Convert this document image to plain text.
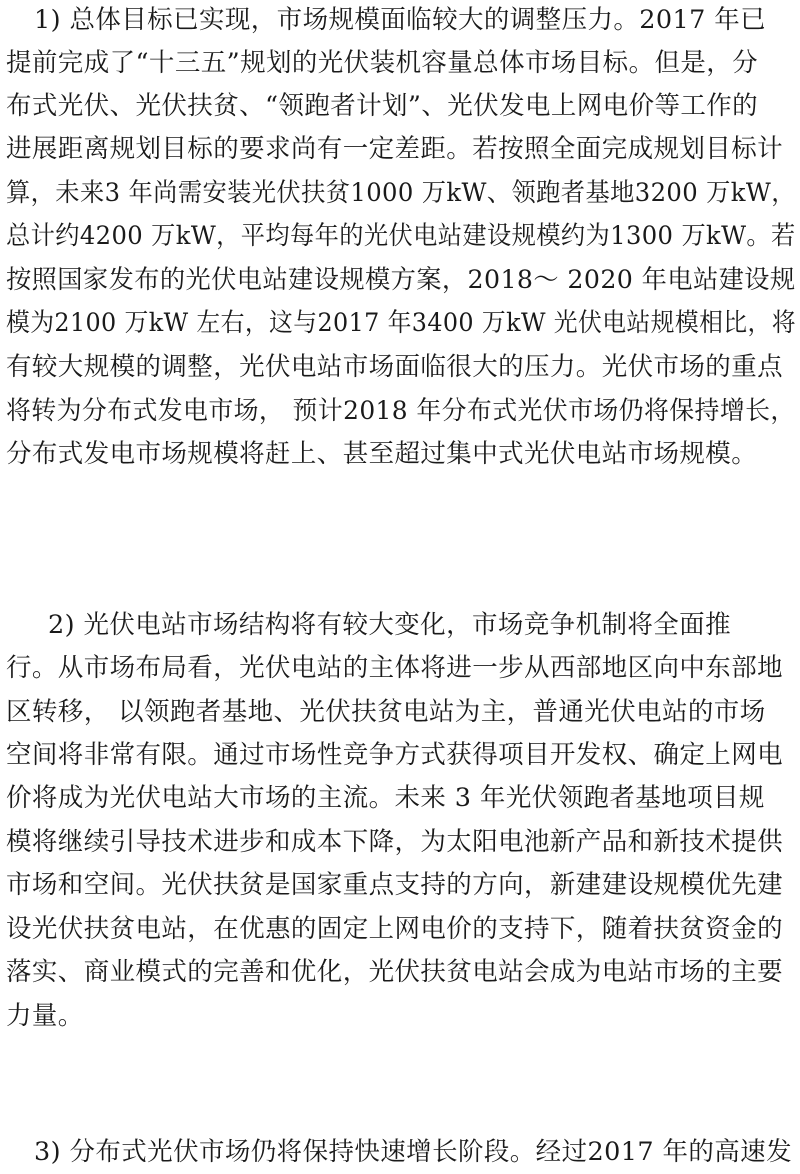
1) 总体目标已实现，市场规模面临较大的调整压力。2017 年已
提前完成了“十三五”规划的光伏装机容量总体市场目标。但是，分
布式光伏、光伏扶贫、“领跑者计划”、光伏发电上网电价等工作的
进展距离规划目标的要求尚有一定差距。若按照全面完成规划目标计
算，未来3 年尚需安装光伏扶贫1000 万kW、领跑者基地3200 万kW，
总计约4200 万kW，平均每年的光伏电站建设规模约为1300 万kW。若
按照国家发布的光伏电站建设规模方案，2018～ 2020 年电站建设规
模为2100 万kW 左右，这与2017 年3400 万kW 光伏电站规模相比，将
有较大规模的调整，光伏电站市场面临很大的压力。光伏市场的重点
将转为分布式发电市场， 预计2018 年分布式光伏市场仍将保持增长，
分布式发电市场规模将赶上、甚至超过集中式光伏电站市场规模。
2) 光伏电站市场结构将有较大变化，市场竞争机制将全面推
行。从市场布局看，光伏电站的主体将进一步从西部地区向中东部地
区转移， 以领跑者基地、光伏扶贫电站为主，普通光伏电站的市场
空间将非常有限。通过市场性竞争方式获得项目开发权、确定上网电
价将成为光伏电站大市场的主流。未来 3 年光伏领跑者基地项目规
模将继续引导技术进步和成本下降，为太阳电池新产品和新技术提供
市场和空间。光伏扶贫是国家重点支持的方向，新建建设规模优先建
设光伏扶贫电站，在优惠的固定上网电价的支持下，随着扶贫资金的
落实、商业模式的完善和优化，光伏扶贫电站会成为电站市场的主要
力量。
3) 分布式光伏市场仍将保持快速增长阶段。经过2017 年的高速发
